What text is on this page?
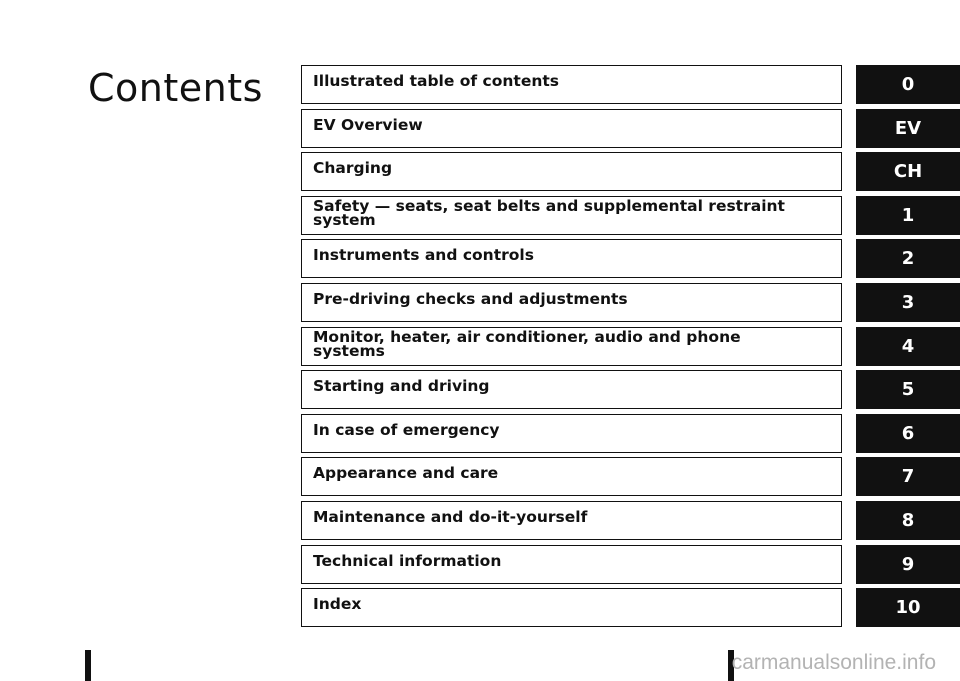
Contents	Illustrated table of contents
EV Overview
Charging
Safety — seats, seat belts and supplemental restraint
system
Instruments and controls
Pre-driving checks and adjustments
Monitor, heater, air conditioner, audio and phone
systems
Starting and driving
In case of emergency
Appearance and care
Maintenance and do-it-yourself
Technical information
Index
0
EV
CH
1
2
3
4
5
6
7
8
9
10
carmanualsonline.info
